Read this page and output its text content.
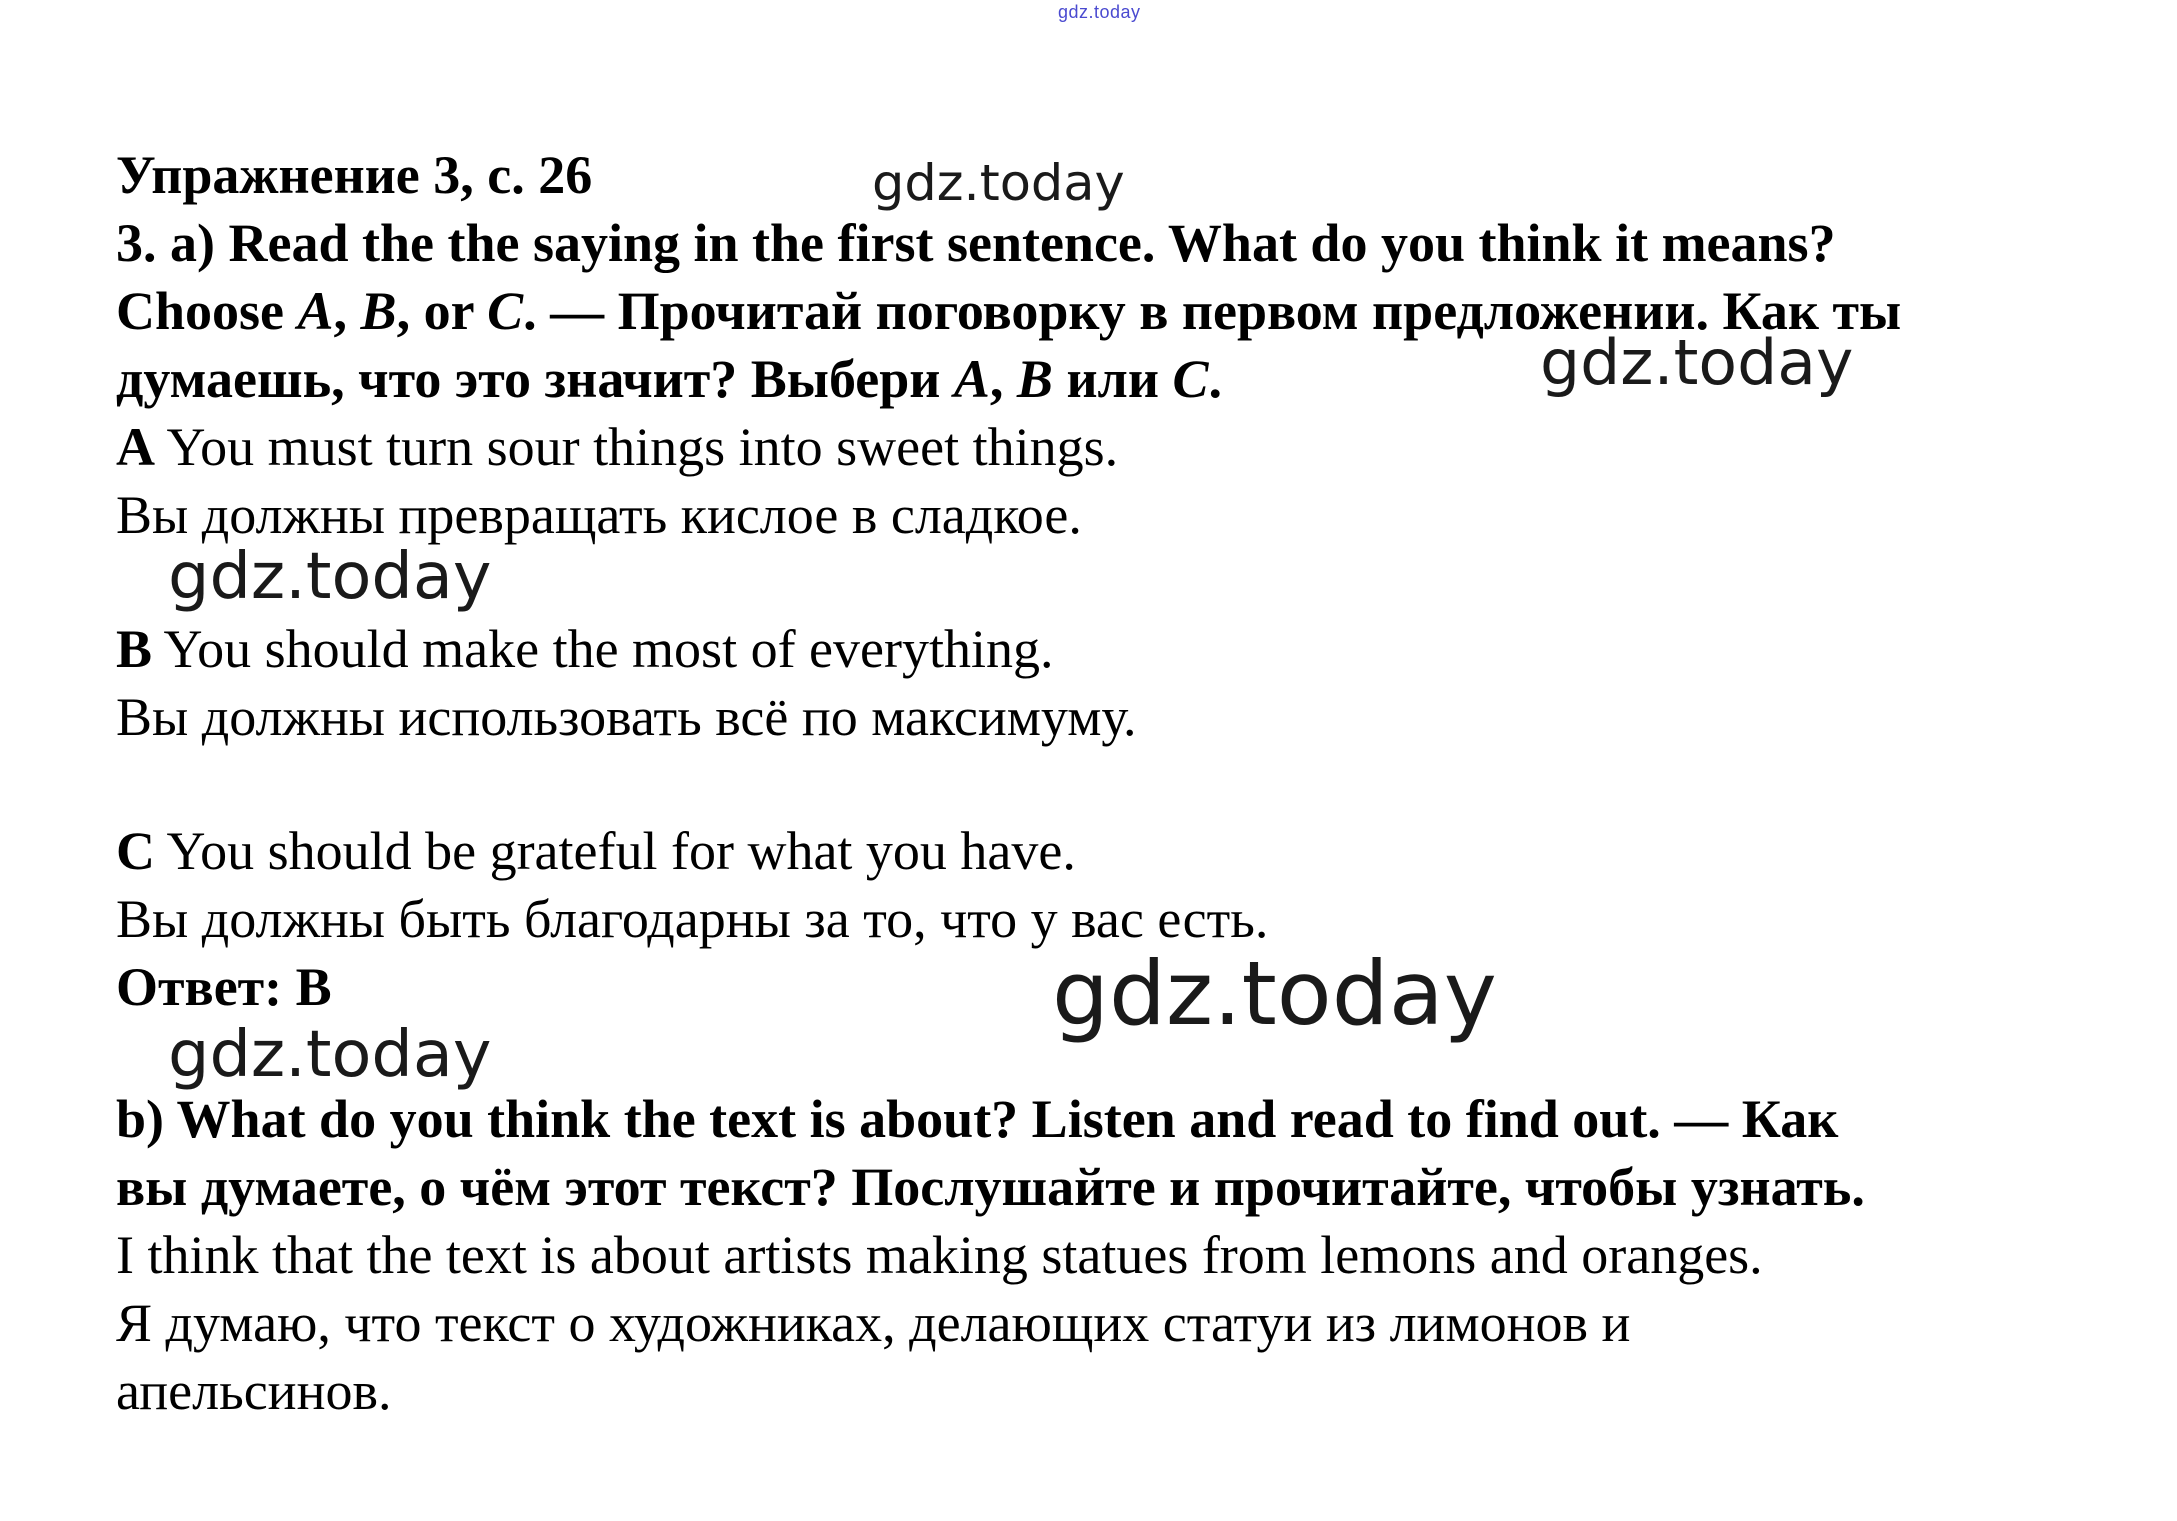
gdz.today
Упражнение 3, с. 26
3. a) Read the the saying in the first sentence. What do you think it means?
Choose A, B, or C. — Прочитай поговорку в первом предложении. Как ты
думаешь, что это значит? Выбери A, B или C.
A You must turn sour things into sweet things.
Вы должны превращать кислое в сладкое.
B You should make the most of everything.
Вы должны использовать всё по максимуму.
C You should be grateful for what you have.
Вы должны быть благодарны за то, что у вас есть.
Ответ: B
b) What do you think the text is about? Listen and read to find out. — Как
вы думаете, о чём этот текст? Послушайте и прочитайте, чтобы узнать.
I think that the text is about artists making statues from lemons and oranges.
Я думаю, что текст о художниках, делающих статуи из лимонов и
апельсинов.
gdz.today
gdz.today
gdz.today
gdz.today
gdz.today
